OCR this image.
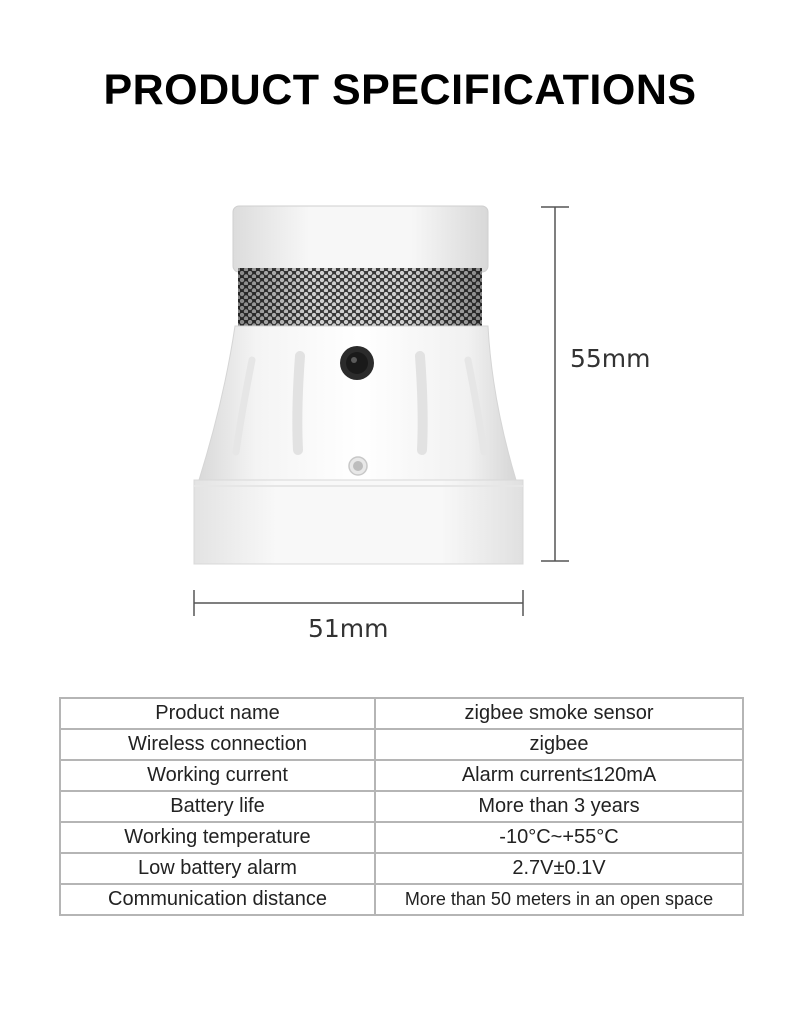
PRODUCT SPECIFICATIONS
55mm
51mm
Product name	zigbee smoke sensor
Wireless connection	zigbee
Working current	Alarm current≤120mA
Battery life	More than 3 years
Working temperature	-10°C~+55°C
Low battery alarm	2.7V±0.1V
Communication distance	More than 50 meters in an open space
